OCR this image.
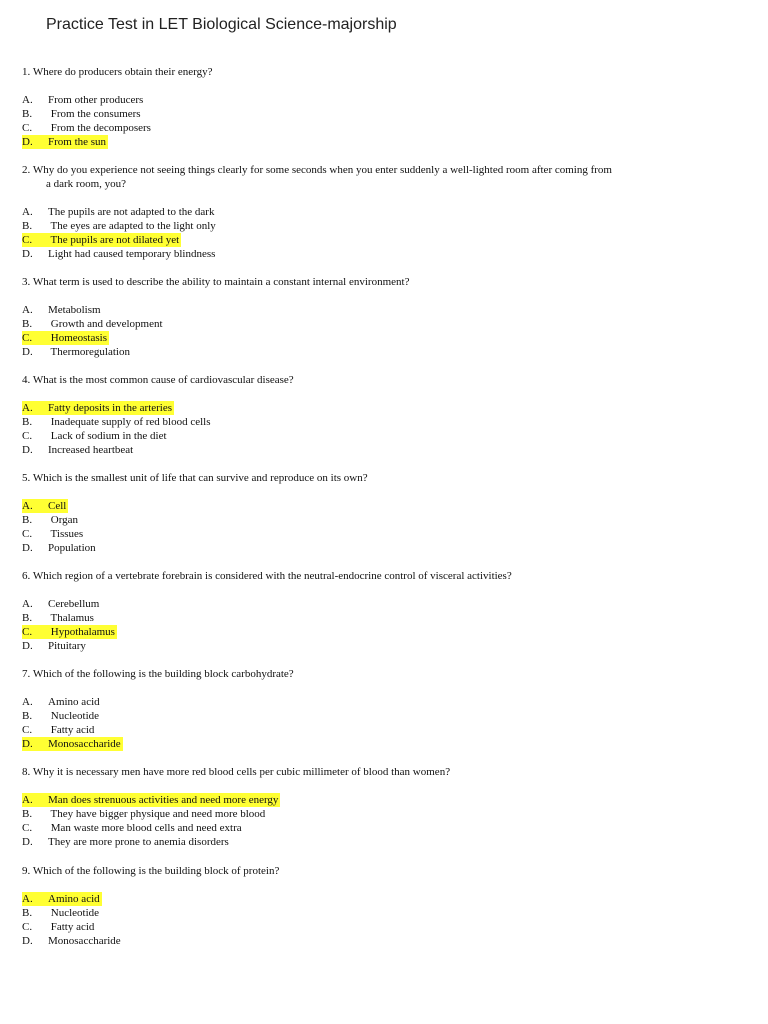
Practice Test in LET Biological Science-majorship

1. Where do producers obtain their energy?

A. From other producers
B. From the consumers
C. From the decomposers
D. From the sun

2. Why do you experience not seeing things clearly for some seconds when you enter suddenly a well-lighted room after coming from
a dark room, you?

A. The pupils are not adapted to the dark
B. The eyes are adapted to the light only
C. The pupils are not dilated yet
D. Light had caused temporary blindness

3. What term is used to describe the ability to maintain a constant internal environment?

A. Metabolism
B. Growth and development
C. Homeostasis
D. Thermoregulation

4. What is the most common cause of cardiovascular disease?

A. Fatty deposits in the arteries
B. Inadequate supply of red blood cells
C. Lack of sodium in the diet
D. Increased heartbeat

5. Which is the smallest unit of life that can survive and reproduce on its own?

A. Cell
B. Organ
C. Tissues
D. Population

6. Which region of a vertebrate forebrain is considered with the neutral-endocrine control of visceral activities?

A. Cerebellum
B. Thalamus
C. Hypothalamus
D. Pituitary

7. Which of the following is the building block carbohydrate?

A. Amino acid
B. Nucleotide
C. Fatty acid
D. Monosaccharide

8. Why it is necessary men have more red blood cells per cubic millimeter of blood than women?

A. Man does strenuous activities and need more energy
B. They have bigger physique and need more blood
C. Man waste more blood cells and need extra
D. They are more prone to anemia disorders

9. Which of the following is the building block of protein?

A. Amino acid
B. Nucleotide
C. Fatty acid
D. Monosaccharide
